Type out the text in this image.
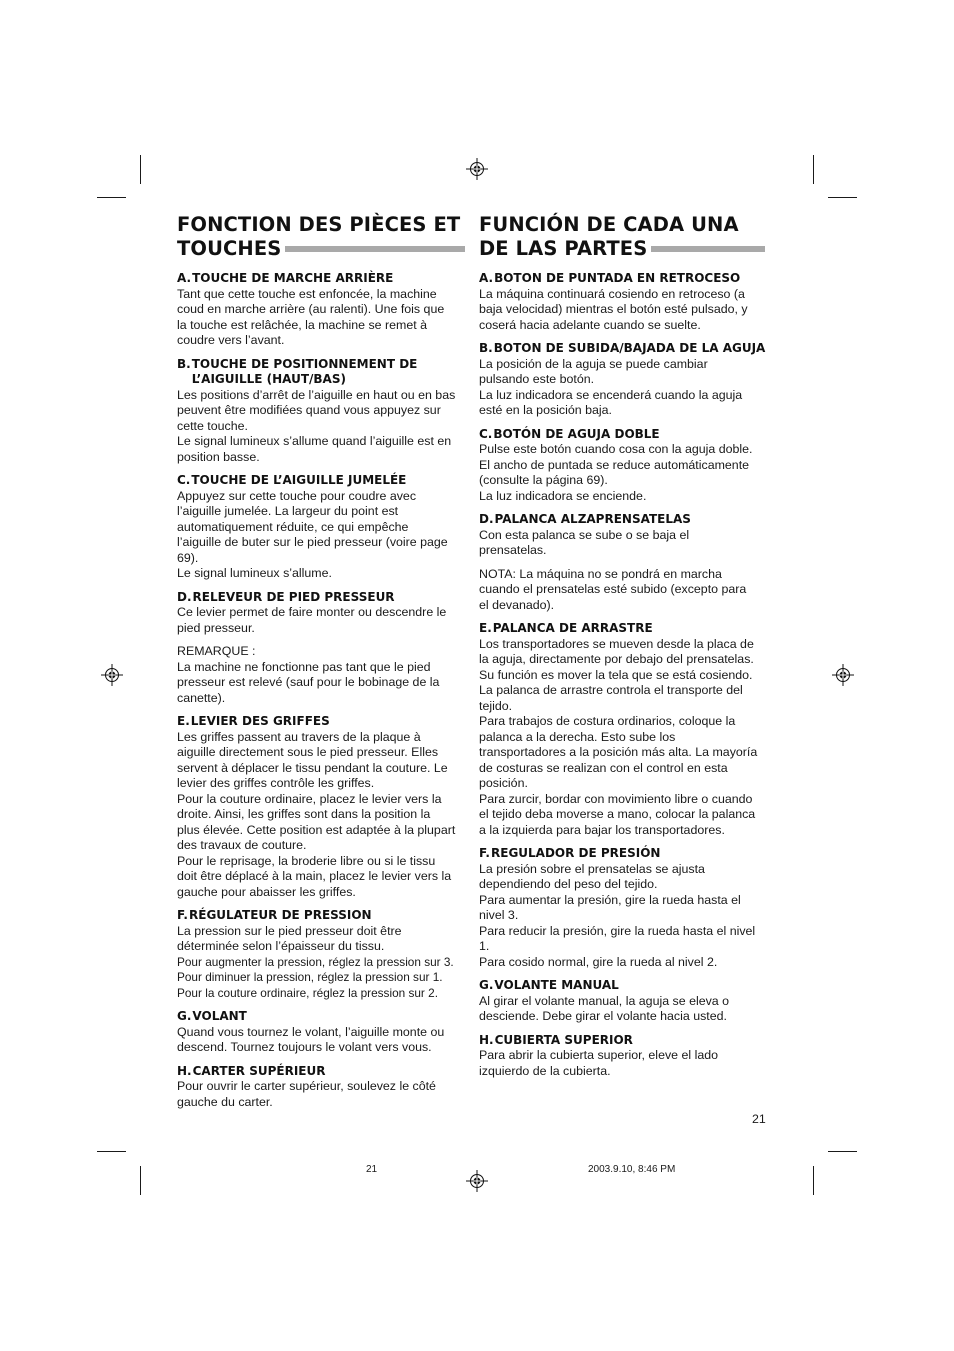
FONCTION DES PIÈCES ET
TOUCHES
A. TOUCHE DE MARCHE ARRIÈRE

Tant que cette touche est enfoncée, la machine
coud en marche arrière (au ralenti). Une fois que
la touche est relâchée, la machine se remet à
coudre vers l’avant.

B. TOUCHE DE POSITIONNEMENT DE L’AIGUILLE (HAUT/BAS)

Les positions d’arrêt de l’aiguille en haut ou en bas
peuvent être modifiées quand vous appuyez sur
cette touche.
Le signal lumineux s’allume quand l’aiguille est en
position basse.

C. TOUCHE DE L’AIGUILLE JUMELÉE

Appuyez sur cette touche pour coudre avec
l’aiguille jumelée. La largeur du point est
automatiquement réduite, ce qui empêche
l’aiguille de buter sur le pied presseur (voire page
69).
Le signal lumineux s’allume.

D. RELEVEUR DE PIED PRESSEUR

Ce levier permet de faire monter ou descendre le
pied presseur.

REMARQUE :
La machine ne fonctionne pas tant que le pied
presseur est relevé (sauf pour le bobinage de la
canette).

E. LEVIER DES GRIFFES

Les griffes passent au travers de la plaque à
aiguille directement sous le pied presseur. Elles
servent à déplacer le tissu pendant la couture. Le
levier des griffes contrôle les griffes.
Pour la couture ordinaire, placez le levier vers la
droite. Ainsi, les griffes sont dans la position la
plus élevée. Cette position est adaptée à la plupart
des travaux de couture.
Pour le reprisage, la broderie libre ou si le tissu
doit être déplacé à la main, placez le levier vers la
gauche pour abaisser les griffes.

F. RÉGULATEUR DE PRESSION

La pression sur le pied presseur doit être
déterminée selon l’épaisseur du tissu.

Pour augmenter la pression, réglez la pression sur 3.
Pour diminuer la pression, réglez la pression sur 1.
Pour la couture ordinaire, réglez la pression sur 2.

G. VOLANT

Quand vous tournez le volant, l’aiguille monte ou
descend. Tournez toujours le volant vers vous.

H. CARTER SUPÉRIEUR

Pour ouvrir le carter supérieur, soulevez le côté
gauche du carter.

FUNCIÓN DE CADA UNA
DE LAS PARTES
A. BOTON DE PUNTADA EN RETROCESO

La máquina continuará cosiendo en retroceso (a
baja velocidad) mientras el botón esté pulsado, y
coserá hacia adelante cuando se suelte.

B. BOTON DE SUBIDA/BAJADA DE LA AGUJA

La posición de la aguja se puede cambiar
pulsando este botón.
La luz indicadora se encenderá cuando la aguja
esté en la posición baja.

C. BOTÓN DE AGUJA DOBLE

Pulse este botón cuando cosa con la aguja doble.
El ancho de puntada se reduce automáticamente
(consulte la página 69).
La luz indicadora se enciende.

D. PALANCA ALZAPRENSATELAS

Con esta palanca se sube o se baja el
prensatelas.

NOTA: La máquina no se pondrá en marcha
cuando el prensatelas esté subido (excepto para
el devanado).

E. PALANCA DE ARRASTRE

Los transportadores se mueven desde la placa de
la aguja, directamente por debajo del prensatelas.
Su función es mover la tela que se está cosiendo.
La palanca de arrastre controla el transporte del
tejido.
Para trabajos de costura ordinarios, coloque la
palanca a la derecha. Esto sube los
transportadores a la posición más alta. La mayoría
de costuras se realizan con el control en esta
posición.
Para zurcir, bordar con movimiento libre o cuando
el tejido deba moverse a mano, colocar la palanca
a la izquierda para bajar los transportadores.

F. REGULADOR DE PRESIÓN

La presión sobre el prensatelas se ajusta
dependiendo del peso del tejido.
Para aumentar la presión, gire la rueda hasta el
nivel 3.
Para reducir la presión, gire la rueda hasta el nivel
1.
Para cosido normal, gire la rueda al nivel 2.

G. VOLANTE MANUAL

Al girar el volante manual, la aguja se eleva o
desciende. Debe girar el volante hacia usted.

H. CUBIERTA SUPERIOR

Para abrir la cubierta superior, eleve el lado
izquierdo de la cubierta.

21
21	2003.9.10, 8:46 PM
